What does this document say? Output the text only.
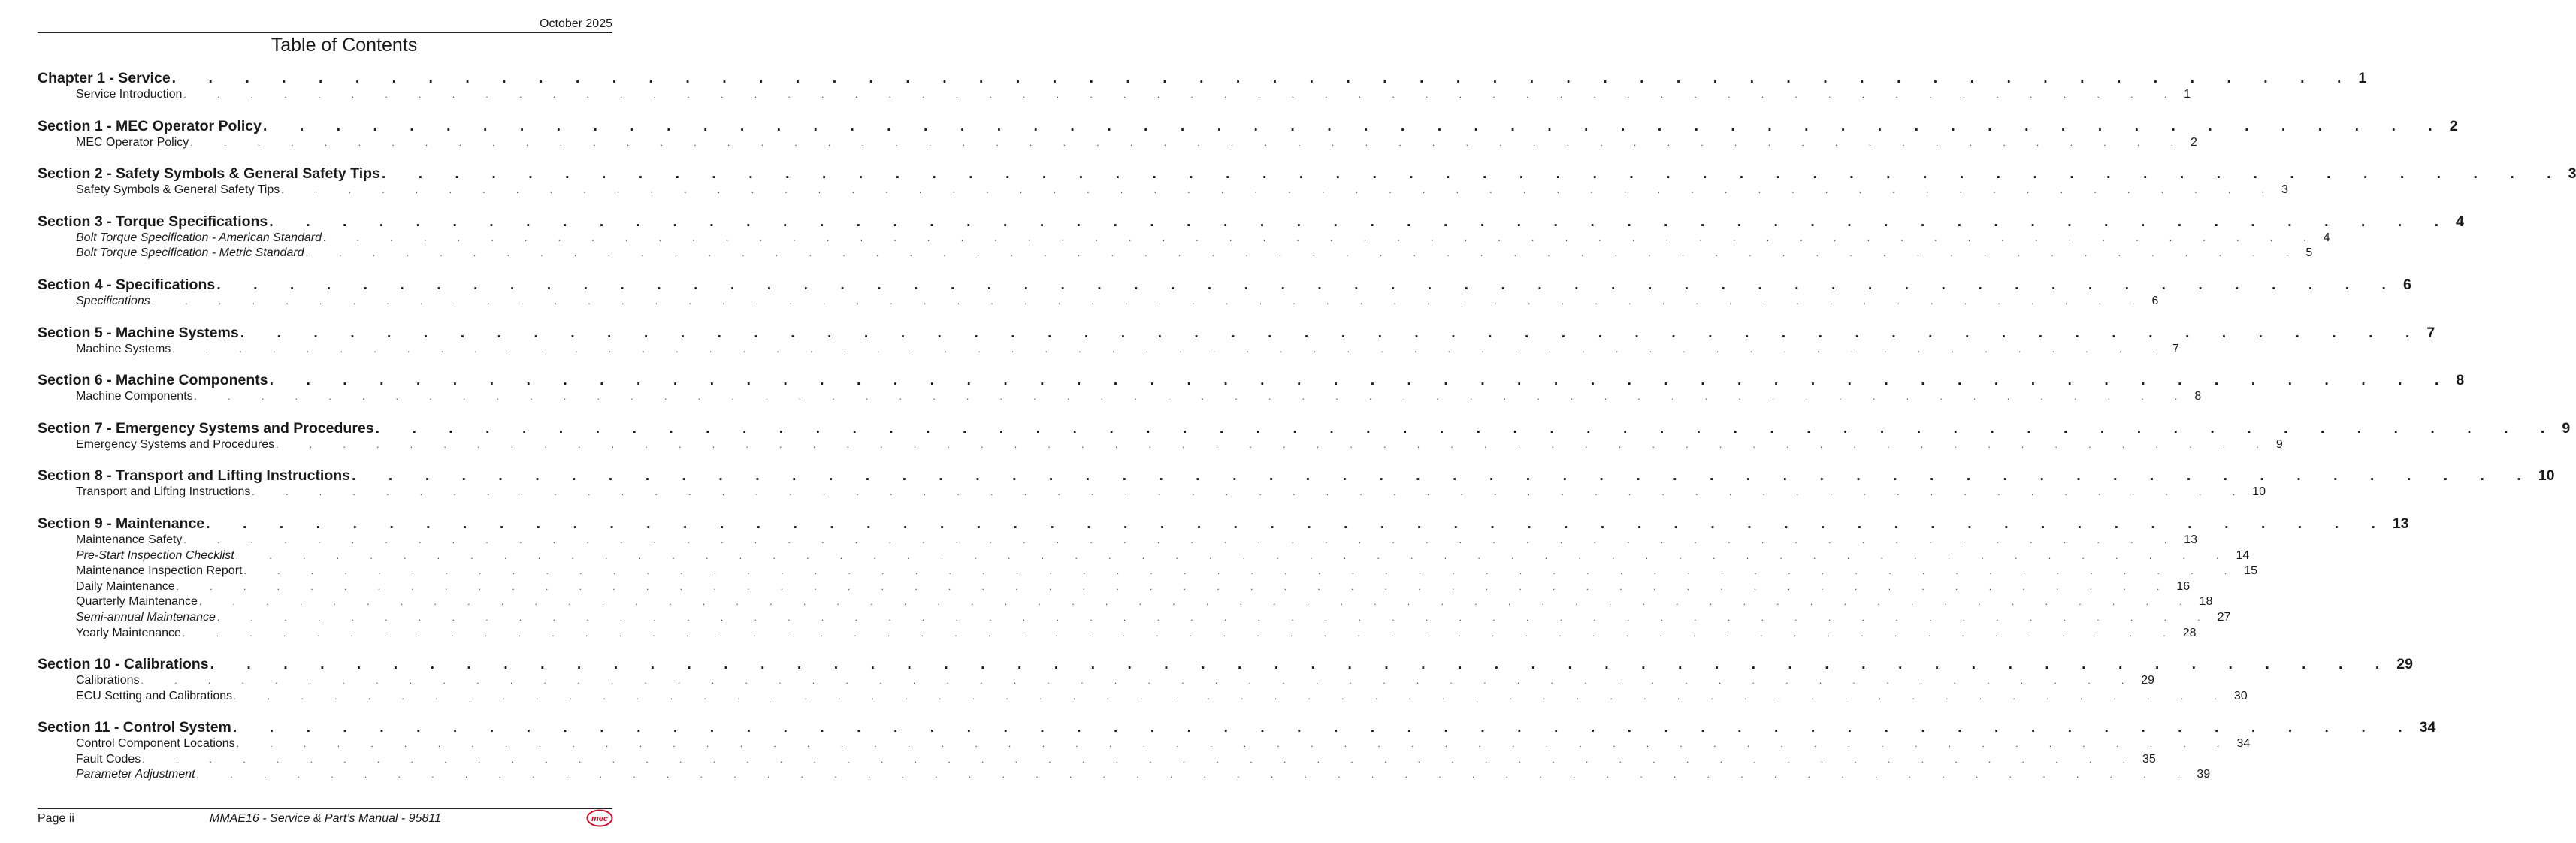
October 2025
Table of Contents
Chapter 1 - Service . . . . . . . . . . . . . . . . . . . . . . . . . . . . . . . . . . . . . . . . . . . . . . . . . . . . . . . . . . . . 1
Service Introduction . . . . . . . . . . . . . . . . . . . . . . . . . . . . . . . . . . . . . . . . . . . . . . . . . . . . . . . . . . . . 1
Section 1 - MEC Operator Policy . . . . . . . . . . . . . . . . . . . . . . . . . . . . . . . . . . . . . . . . . . . . . . . . . . . . . . . . . . . . 2
MEC Operator Policy . . . . . . . . . . . . . . . . . . . . . . . . . . . . . . . . . . . . . . . . . . . . . . . . . . . . . . . . . . . . 2
Section 2 - Safety Symbols & General Safety Tips . . . . . . . . . . . . . . . . . . . . . . . . . . . . . . . . . . . . . . . . . . . . . . . . . . . . . . . . . . . . 3
Safety Symbols & General Safety Tips . . . . . . . . . . . . . . . . . . . . . . . . . . . . . . . . . . . . . . . . . . . . . . . . . . . . . . . . . . . . 3
Section 3 - Torque Specifications . . . . . . . . . . . . . . . . . . . . . . . . . . . . . . . . . . . . . . . . . . . . . . . . . . . . . . . . . . . . 4
Bolt Torque Specification - American Standard . . . . . . . . . . . . . . . . . . . . . . . . . . . . . . . . . . . . . . . . . . . . . . . . . . . . . . . . . . . . 4
Bolt Torque Specification - Metric Standard . . . . . . . . . . . . . . . . . . . . . . . . . . . . . . . . . . . . . . . . . . . . . . . . . . . . . . . . . . . . 5
Section 4 - Specifications . . . . . . . . . . . . . . . . . . . . . . . . . . . . . . . . . . . . . . . . . . . . . . . . . . . . . . . . . . . . 6
Specifications . . . . . . . . . . . . . . . . . . . . . . . . . . . . . . . . . . . . . . . . . . . . . . . . . . . . . . . . . . . . 6
Section 5 - Machine Systems . . . . . . . . . . . . . . . . . . . . . . . . . . . . . . . . . . . . . . . . . . . . . . . . . . . . . . . . . . . . 7
Machine Systems . . . . . . . . . . . . . . . . . . . . . . . . . . . . . . . . . . . . . . . . . . . . . . . . . . . . . . . . . . . . 7
Section 6 - Machine Components . . . . . . . . . . . . . . . . . . . . . . . . . . . . . . . . . . . . . . . . . . . . . . . . . . . . . . . . . . . . 8
Machine Components . . . . . . . . . . . . . . . . . . . . . . . . . . . . . . . . . . . . . . . . . . . . . . . . . . . . . . . . . . . . 8
Section 7 - Emergency Systems and Procedures . . . . . . . . . . . . . . . . . . . . . . . . . . . . . . . . . . . . . . . . . . . . . . . . . . . . . . . . . . . . 9
Emergency Systems and Procedures . . . . . . . . . . . . . . . . . . . . . . . . . . . . . . . . . . . . . . . . . . . . . . . . . . . . . . . . . . . . 9
Section 8 - Transport and Lifting Instructions . . . . . . . . . . . . . . . . . . . . . . . . . . . . . . . . . . . . . . . . . . . . . . . . . . . . . . . . . . . . 10
Transport and Lifting Instructions . . . . . . . . . . . . . . . . . . . . . . . . . . . . . . . . . . . . . . . . . . . . . . . . . . . . . . . . . . . . 10
Section 9 - Maintenance . . . . . . . . . . . . . . . . . . . . . . . . . . . . . . . . . . . . . . . . . . . . . . . . . . . . . . . . . . . . 13
Maintenance Safety . . . . . . . . . . . . . . . . . . . . . . . . . . . . . . . . . . . . . . . . . . . . . . . . . . . . . . . . . . . . 13
Pre-Start Inspection Checklist . . . . . . . . . . . . . . . . . . . . . . . . . . . . . . . . . . . . . . . . . . . . . . . . . . . . . . . . . . . . 14
Maintenance Inspection Report . . . . . . . . . . . . . . . . . . . . . . . . . . . . . . . . . . . . . . . . . . . . . . . . . . . . . . . . . . . . 15
Daily Maintenance . . . . . . . . . . . . . . . . . . . . . . . . . . . . . . . . . . . . . . . . . . . . . . . . . . . . . . . . . . . . 16
Quarterly Maintenance . . . . . . . . . . . . . . . . . . . . . . . . . . . . . . . . . . . . . . . . . . . . . . . . . . . . . . . . . . . . 18
Semi-annual Maintenance . . . . . . . . . . . . . . . . . . . . . . . . . . . . . . . . . . . . . . . . . . . . . . . . . . . . . . . . . . . . 27
Yearly Maintenance . . . . . . . . . . . . . . . . . . . . . . . . . . . . . . . . . . . . . . . . . . . . . . . . . . . . . . . . . . . . 28
Section 10 - Calibrations . . . . . . . . . . . . . . . . . . . . . . . . . . . . . . . . . . . . . . . . . . . . . . . . . . . . . . . . . . . . 29
Calibrations . . . . . . . . . . . . . . . . . . . . . . . . . . . . . . . . . . . . . . . . . . . . . . . . . . . . . . . . . . . . 29
ECU Setting and Calibrations . . . . . . . . . . . . . . . . . . . . . . . . . . . . . . . . . . . . . . . . . . . . . . . . . . . . . . . . . . . . 30
Section 11 - Control System . . . . . . . . . . . . . . . . . . . . . . . . . . . . . . . . . . . . . . . . . . . . . . . . . . . . . . . . . . . . 34
Control Component Locations . . . . . . . . . . . . . . . . . . . . . . . . . . . . . . . . . . . . . . . . . . . . . . . . . . . . . . . . . . . . 34
Fault Codes . . . . . . . . . . . . . . . . . . . . . . . . . . . . . . . . . . . . . . . . . . . . . . . . . . . . . . . . . . . . 35
Parameter Adjustment . . . . . . . . . . . . . . . . . . . . . . . . . . . . . . . . . . . . . . . . . . . . . . . . . . . . . . . . . . . . 39
Page ii	MMAE16 - Service & Part’s Manual - 95811	mec
